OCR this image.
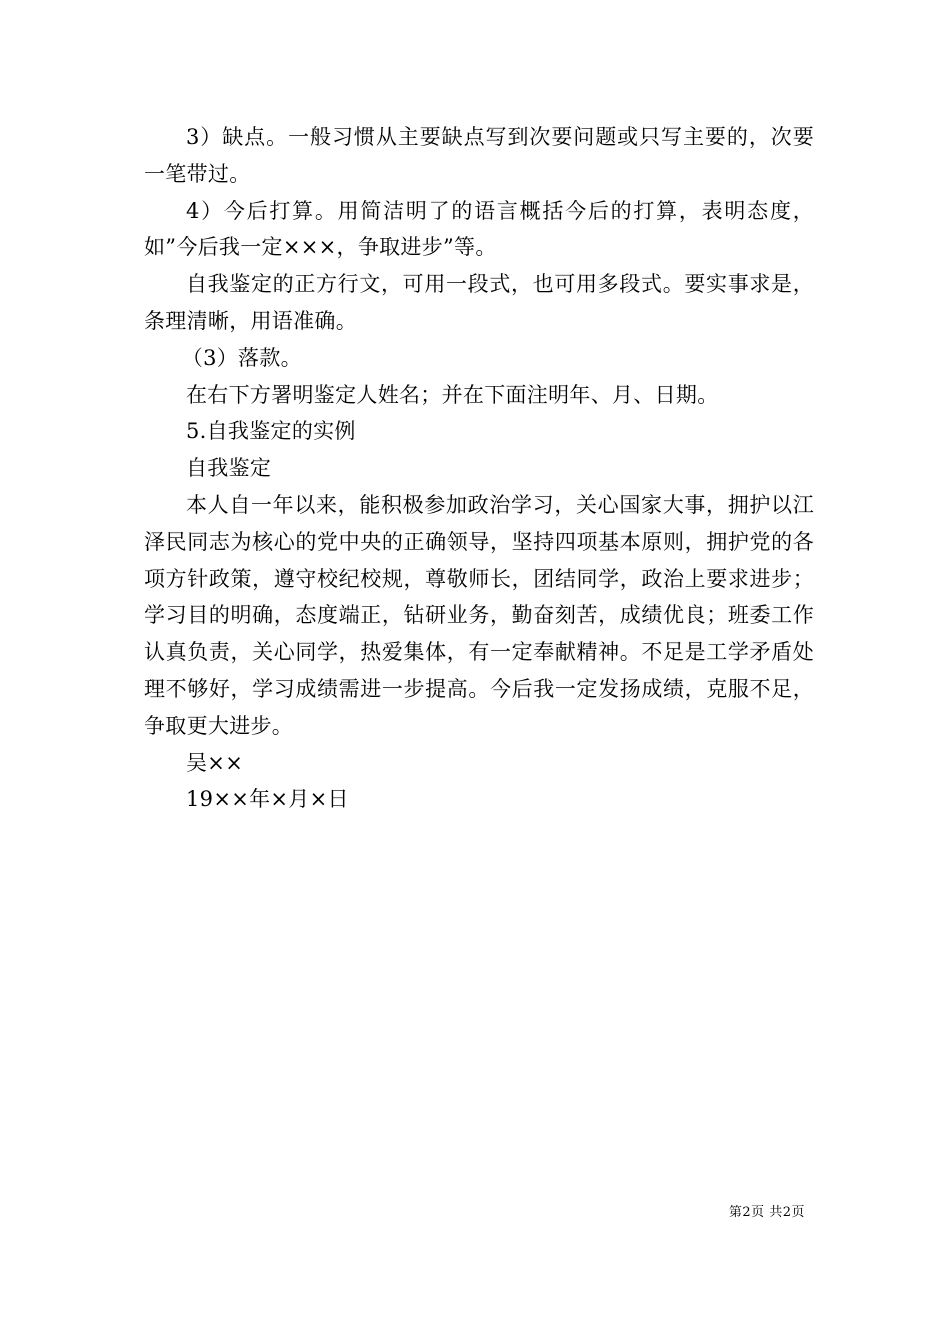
3）缺点。一般习惯从主要缺点写到次要问题或只写主要的，次要一笔带过。

4）今后打算。用简洁明了的语言概括今后的打算，表明态度，如”今后我一定×××，争取进步”等。

自我鉴定的正方行文，可用一段式，也可用多段式。要实事求是，条理清晰，用语准确。

（3）落款。

在右下方署明鉴定人姓名；并在下面注明年、月、日期。

5.自我鉴定的实例

自我鉴定

本人自一年以来，能积极参加政治学习，关心国家大事，拥护以江泽民同志为核心的党中央的正确领导，坚持四项基本原则，拥护党的各项方针政策，遵守校纪校规，尊敬师长，团结同学，政治上要求进步；学习目的明确，态度端正，钻研业务，勤奋刻苦，成绩优良；班委工作认真负责，关心同学，热爱集体，有一定奉献精神。不足是工学矛盾处理不够好，学习成绩需进一步提高。今后我一定发扬成绩，克服不足，争取更大进步。

吴××

19××年×月×日

第2页 共2页
